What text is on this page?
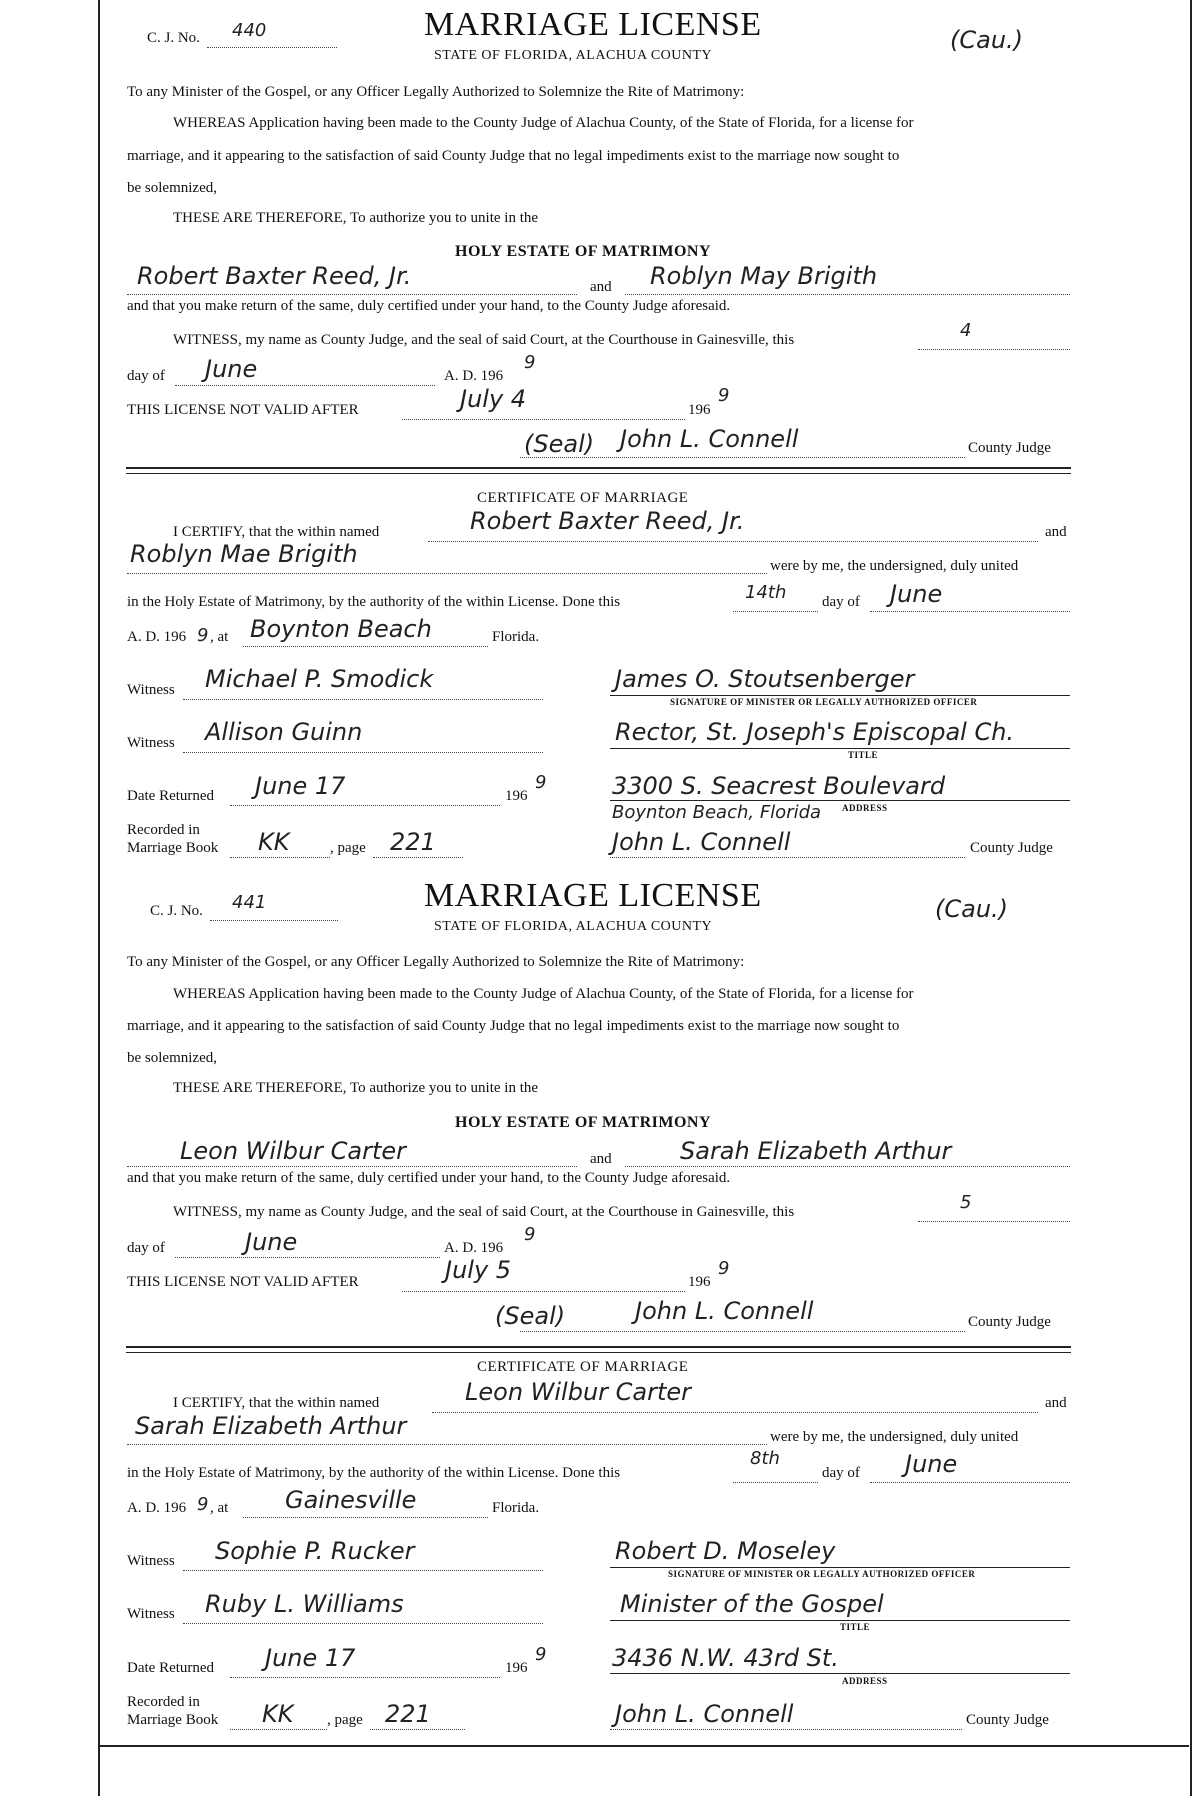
C. J. No. 440	MARRIAGE LICENSE
STATE OF FLORIDA, ALACHUA COUNTY
(Cau.)
To any Minister of the Gospel, or any Officer Legally Authorized to Solemnize the Rite of Matrimony:
WHEREAS Application having been made to the County Judge of Alachua County, of the State of Florida, for a license for
marriage, and it appearing to the satisfaction of said County Judge that no legal impediments exist to the marriage now sought to
be solemnized,
THESE ARE THEREFORE, To authorize you to unite in the
HOLY ESTATE OF MATRIMONY
Robert Baxter Reed, Jr.	and Roblyn May Brigith
and that you make return of the same, duly certified under your hand, to the County Judge aforesaid.
WITNESS, my name as County Judge, and the seal of said Court, at the Courthouse in Gainesville, this	4
day of June	A. D. 196
9
THIS LICENSE NOT VALID AFTER	July 4	196
9
(Seal) John L. Connell	County Judge
CERTIFICATE OF MARRIAGE
I CERTIFY, that the within named	Robert Baxter Reed, Jr.	and
Roblyn Mae Brigith	were by me, the undersigned, duly united
in the Holy Estate of Matrimony, by the authority of the within License. Done this	14th day of June
A. D. 196 9 , at Boynton Beach	Florida.
Witness Michael P. Smodick	James O. Stoutsenberger
SIGNATURE OF MINISTER OR LEGALLY AUTHORIZED OFFICER
Witness Allison Guinn	Rector, St. Joseph's Episcopal Ch.
TITLE
Date Returned June 17	196
9	3300 S. Seacrest Boulevard
Boynton Beach, Florida ADDRESS
Recorded in
Marriage Book KK	, page 221	John L. Connell	County Judge
C. J. No. 441	MARRIAGE LICENSE
STATE OF FLORIDA, ALACHUA COUNTY
(Cau.)
To any Minister of the Gospel, or any Officer Legally Authorized to Solemnize the Rite of Matrimony:
WHEREAS Application having been made to the County Judge of Alachua County, of the State of Florida, for a license for
marriage, and it appearing to the satisfaction of said County Judge that no legal impediments exist to the marriage now sought to
be solemnized,
THESE ARE THEREFORE, To authorize you to unite in the
HOLY ESTATE OF MATRIMONY
Leon Wilbur Carter	and	Sarah Elizabeth Arthur
and that you make return of the same, duly certified under your hand, to the County Judge aforesaid.
WITNESS, my name as County Judge, and the seal of said Court, at the Courthouse in Gainesville, this	5
day of	June	A. D. 196
9
THIS LICENSE NOT VALID AFTER	July 5	196
9
(Seal)	John L. Connell	County Judge
CERTIFICATE OF MARRIAGE
I CERTIFY, that the within named	Leon Wilbur Carter	and
Sarah Elizabeth Arthur	were by me, the undersigned, duly united
in the Holy Estate of Matrimony, by the authority of the within License. Done this
8th
day of June
A. D. 196 9 , at Gainesville	Florida.
Witness Sophie P. Rucker	Robert D. Moseley
SIGNATURE OF MINISTER OR LEGALLY AUTHORIZED OFFICER
Witness Ruby L. Williams	Minister of the Gospel
TITLE
Date Returned June 17	196
9	3436 N.W. 43rd St.
ADDRESS
Recorded in
Marriage Book KK , page 221	John L. Connell	County Judge
